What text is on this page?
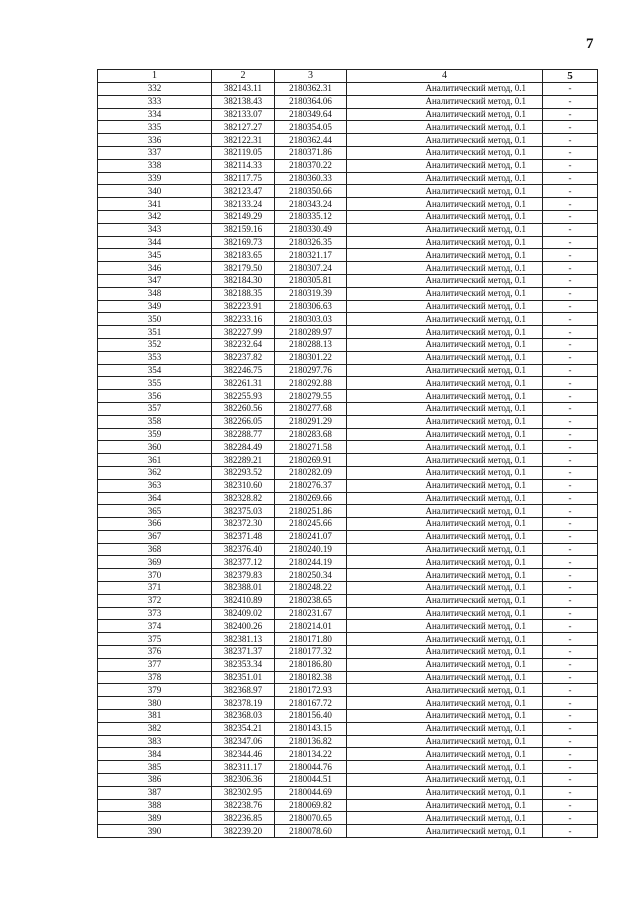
7
1	2	3	4	5
332	382143.11	2180362.31	Аналитический метод, 0.1	-
333	382138.43	2180364.06	Аналитический метод, 0.1	-
334	382133.07	2180349.64	Аналитический метод, 0.1	-
335	382127.27	2180354.05	Аналитический метод, 0.1	-
336	382122.31	2180362.44	Аналитический метод, 0.1	-
337	382119.05	2180371.86	Аналитический метод, 0.1	-
338	382114.33	2180370.22	Аналитический метод, 0.1	-
339	382117.75	2180360.33	Аналитический метод, 0.1	-
340	382123.47	2180350.66	Аналитический метод, 0.1	-
341	382133.24	2180343.24	Аналитический метод, 0.1	-
342	382149.29	2180335.12	Аналитический метод, 0.1	-
343	382159.16	2180330.49	Аналитический метод, 0.1	-
344	382169.73	2180326.35	Аналитический метод, 0.1	-
345	382183.65	2180321.17	Аналитический метод, 0.1	-
346	382179.50	2180307.24	Аналитический метод, 0.1	-
347	382184.30	2180305.81	Аналитический метод, 0.1	-
348	382188.35	2180319.39	Аналитический метод, 0.1	-
349	382223.91	2180306.63	Аналитический метод, 0.1	-
350	382233.16	2180303.03	Аналитический метод, 0.1	-
351	382227.99	2180289.97	Аналитический метод, 0.1	-
352	382232.64	2180288.13	Аналитический метод, 0.1	-
353	382237.82	2180301.22	Аналитический метод, 0.1	-
354	382246.75	2180297.76	Аналитический метод, 0.1	-
355	382261.31	2180292.88	Аналитический метод, 0.1	-
356	382255.93	2180279.55	Аналитический метод, 0.1	-
357	382260.56	2180277.68	Аналитический метод, 0.1	-
358	382266.05	2180291.29	Аналитический метод, 0.1	-
359	382288.77	2180283.68	Аналитический метод, 0.1	-
360	382284.49	2180271.58	Аналитический метод, 0.1	-
361	382289.21	2180269.91	Аналитический метод, 0.1	-
362	382293.52	2180282.09	Аналитический метод, 0.1	-
363	382310.60	2180276.37	Аналитический метод, 0.1	-
364	382328.82	2180269.66	Аналитический метод, 0.1	-
365	382375.03	2180251.86	Аналитический метод, 0.1	-
366	382372.30	2180245.66	Аналитический метод, 0.1	-
367	382371.48	2180241.07	Аналитический метод, 0.1	-
368	382376.40	2180240.19	Аналитический метод, 0.1	-
369	382377.12	2180244.19	Аналитический метод, 0.1	-
370	382379.83	2180250.34	Аналитический метод, 0.1	-
371	382388.01	2180248.22	Аналитический метод, 0.1	-
372	382410.89	2180238.65	Аналитический метод, 0.1	-
373	382409.02	2180231.67	Аналитический метод, 0.1	-
374	382400.26	2180214.01	Аналитический метод, 0.1	-
375	382381.13	2180171.80	Аналитический метод, 0.1	-
376	382371.37	2180177.32	Аналитический метод, 0.1	-
377	382353.34	2180186.80	Аналитический метод, 0.1	-
378	382351.01	2180182.38	Аналитический метод, 0.1	-
379	382368.97	2180172.93	Аналитический метод, 0.1	-
380	382378.19	2180167.72	Аналитический метод, 0.1	-
381	382368.03	2180156.40	Аналитический метод, 0.1	-
382	382354.21	2180143.15	Аналитический метод, 0.1	-
383	382347.06	2180136.82	Аналитический метод, 0.1	-
384	382344.46	2180134.22	Аналитический метод, 0.1	-
385	382311.17	2180044.76	Аналитический метод, 0.1	-
386	382306.36	2180044.51	Аналитический метод, 0.1	-
387	382302.95	2180044.69	Аналитический метод, 0.1	-
388	382238.76	2180069.82	Аналитический метод, 0.1	-
389	382236.85	2180070.65	Аналитический метод, 0.1	-
390	382239.20	2180078.60	Аналитический метод, 0.1	-
